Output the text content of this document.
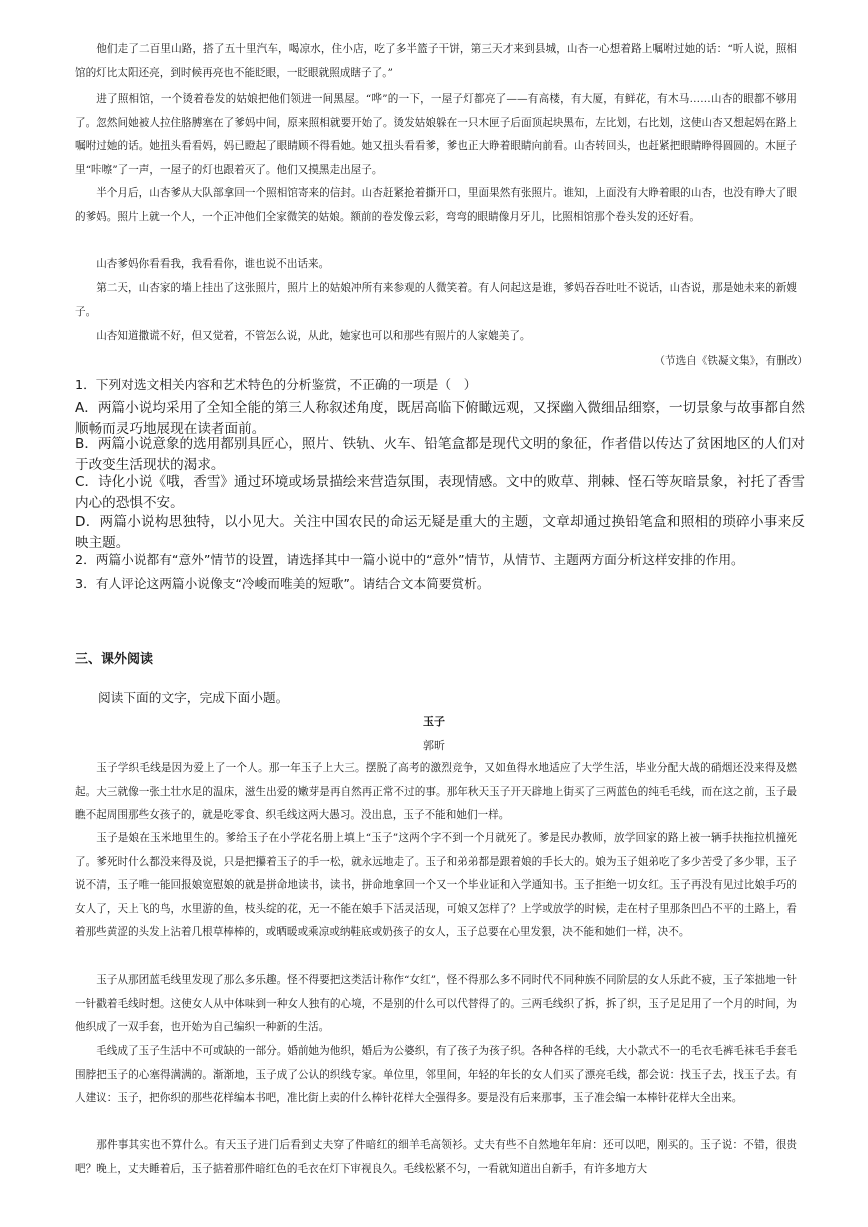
他们走了二百里山路，搭了五十里汽车，喝凉水，住小店，吃了多半篮子干饼，第三天才来到县城，山杏一心想着路上嘱咐过她的话：“听人说，照相馆的灯比太阳还亮，到时候再亮也不能眨眼，一眨眼就照成瞎子了。”

进了照相馆，一个烫着卷发的姑娘把他们领进一间黑屋。“哗”的一下，一屋子灯都亮了——有高楼，有大厦，有鲜花，有木马……山杏的眼都不够用了。忽然间她被人拉住胳膊塞在了爹妈中间，原来照相就要开始了。烫发姑娘躲在一只木匣子后面顶起块黑布，左比划，右比划，这使山杏又想起妈在路上嘱咐过她的话。她扭头看看妈，妈已瞪起了眼睛顾不得看她。她又扭头看看爹，爹也正大睁着眼睛向前看。山杏转回头，也赶紧把眼睛睁得圆圆的。木匣子里“咔嚓”了一声，一屋子的灯也跟着灭了。他们又摸黑走出屋子。

半个月后，山杏爹从大队部拿回一个照相馆寄来的信封。山杏赶紧抢着撕开口，里面果然有张照片。谁知，上面没有大睁着眼的山杏，也没有睁大了眼的爹妈。照片上就一个人，一个正冲他们全家微笑的姑娘。额前的卷发像云彩，弯弯的眼睛像月牙儿，比照相馆那个卷头发的还好看。

山杏爹妈你看看我，我看看你，谁也说不出话来。

第二天，山杏家的墙上挂出了这张照片，照片上的姑娘冲所有来参观的人微笑着。有人问起这是谁，爹妈吞吞吐吐不说话，山杏说，那是她未来的新嫂子。

山杏知道撒谎不好，但又觉着，不管怎么说，从此，她家也可以和那些有照片的人家媲美了。

（节选自《铁凝文集》，有删改）

1．下列对选文相关内容和艺术特色的分析鉴赏，不正确的一项是（　）

A．两篇小说均采用了全知全能的第三人称叙述角度，既居高临下俯瞰远观，又探幽入微细品细察，一切景象与故事都自然顺畅而灵巧地展现在读者面前。

B．两篇小说意象的选用都别具匠心，照片、铁轨、火车、铅笔盒都是现代文明的象征，作者借以传达了贫困地区的人们对于改变生活现状的渴求。

C．诗化小说《哦，香雪》通过环境或场景描绘来营造氛围，表现情感。文中的败草、荆棘、怪石等灰暗景象，衬托了香雪内心的恐惧不安。

D．两篇小说构思独特，以小见大。关注中国农民的命运无疑是重大的主题，文章却通过换铅笔盒和照相的琐碎小事来反映主题。

2．两篇小说都有“意外”情节的设置，请选择其中一篇小说中的“意外”情节，从情节、主题两方面分析这样安排的作用。

3．有人评论这两篇小说像支“冷峻而唯美的短歌”。请结合文本简要赏析。

三、课外阅读

阅读下面的文字，完成下面小题。

玉子

郭昕

玉子学织毛线是因为爱上了一个人。那一年玉子上大三。摆脱了高考的激烈竞争，又如鱼得水地适应了大学生活，毕业分配大战的硝烟还没来得及燃起。大三就像一张土壮水足的温床，滋生出爱的嫩芽是再自然再正常不过的事。那年秋天玉子开天辟地上街买了三两蓝色的纯毛毛线，而在这之前，玉子最瞧不起周围那些女孩子的，就是吃零食、织毛线这两大愚习。没出息，玉子不能和她们一样。

玉子是娘在玉米地里生的。爹给玉子在小学花名册上填上“玉子”这两个字不到一个月就死了。爹是民办教师，放学回家的路上被一辆手扶拖拉机撞死了。爹死时什么都没来得及说，只是把攥着玉子的手一松，就永远地走了。玉子和弟弟都是跟着娘的手长大的。娘为玉子姐弟吃了多少苦受了多少罪，玉子说不清，玉子唯一能回报娘宽慰娘的就是拼命地读书，读书，拼命地拿回一个又一个毕业证和入学通知书。玉子拒绝一切女红。玉子再没有见过比娘手巧的女人了，天上飞的鸟，水里游的鱼，枝头绽的花，无一不能在娘手下活灵活现，可娘又怎样了？上学或放学的时候，走在村子里那条凹凸不平的土路上，看着那些黄涩的头发上沾着几根草棒棒的，或晒暖或乘凉或纳鞋底或奶孩子的女人，玉子总要在心里发狠，决不能和她们一样，决不。

玉子从那团蓝毛线里发现了那么多乐趣。怪不得要把这类活计称作“女红”，怪不得那么多不同时代不同种族不同阶层的女人乐此不疲，玉子笨拙地一针一针戳着毛线时想。这使女人从中体味到一种女人独有的心境，不是别的什么可以代替得了的。三两毛线织了拆，拆了织，玉子足足用了一个月的时间，为他织成了一双手套，也开始为自己编织一种新的生活。

毛线成了玉子生活中不可或缺的一部分。婚前她为他织，婚后为公婆织，有了孩子为孩子织。各种各样的毛线，大小款式不一的毛衣毛裤毛袜毛手套毛围脖把玉子的心塞得满满的。渐渐地，玉子成了公认的织线专家。单位里，邻里间，年轻的年长的女人们买了漂亮毛线，都会说：找玉子去，找玉子去。有人建议：玉子，把你织的那些花样编本书吧，准比街上卖的什么棒针花样大全强得多。要是没有后来那事，玉子准会编一本棒针花样大全出来。

那件事其实也不算什么。有天玉子进门后看到丈夫穿了件暗红的细羊毛高领衫。丈夫有些不自然地年年肩：还可以吧，刚买的。玉子说：不错，很贵吧？晚上，丈夫睡着后，玉子掂着那件暗红色的毛衣在灯下审视良久。毛线松紧不匀，一看就知道出自新手，有许多地方大
